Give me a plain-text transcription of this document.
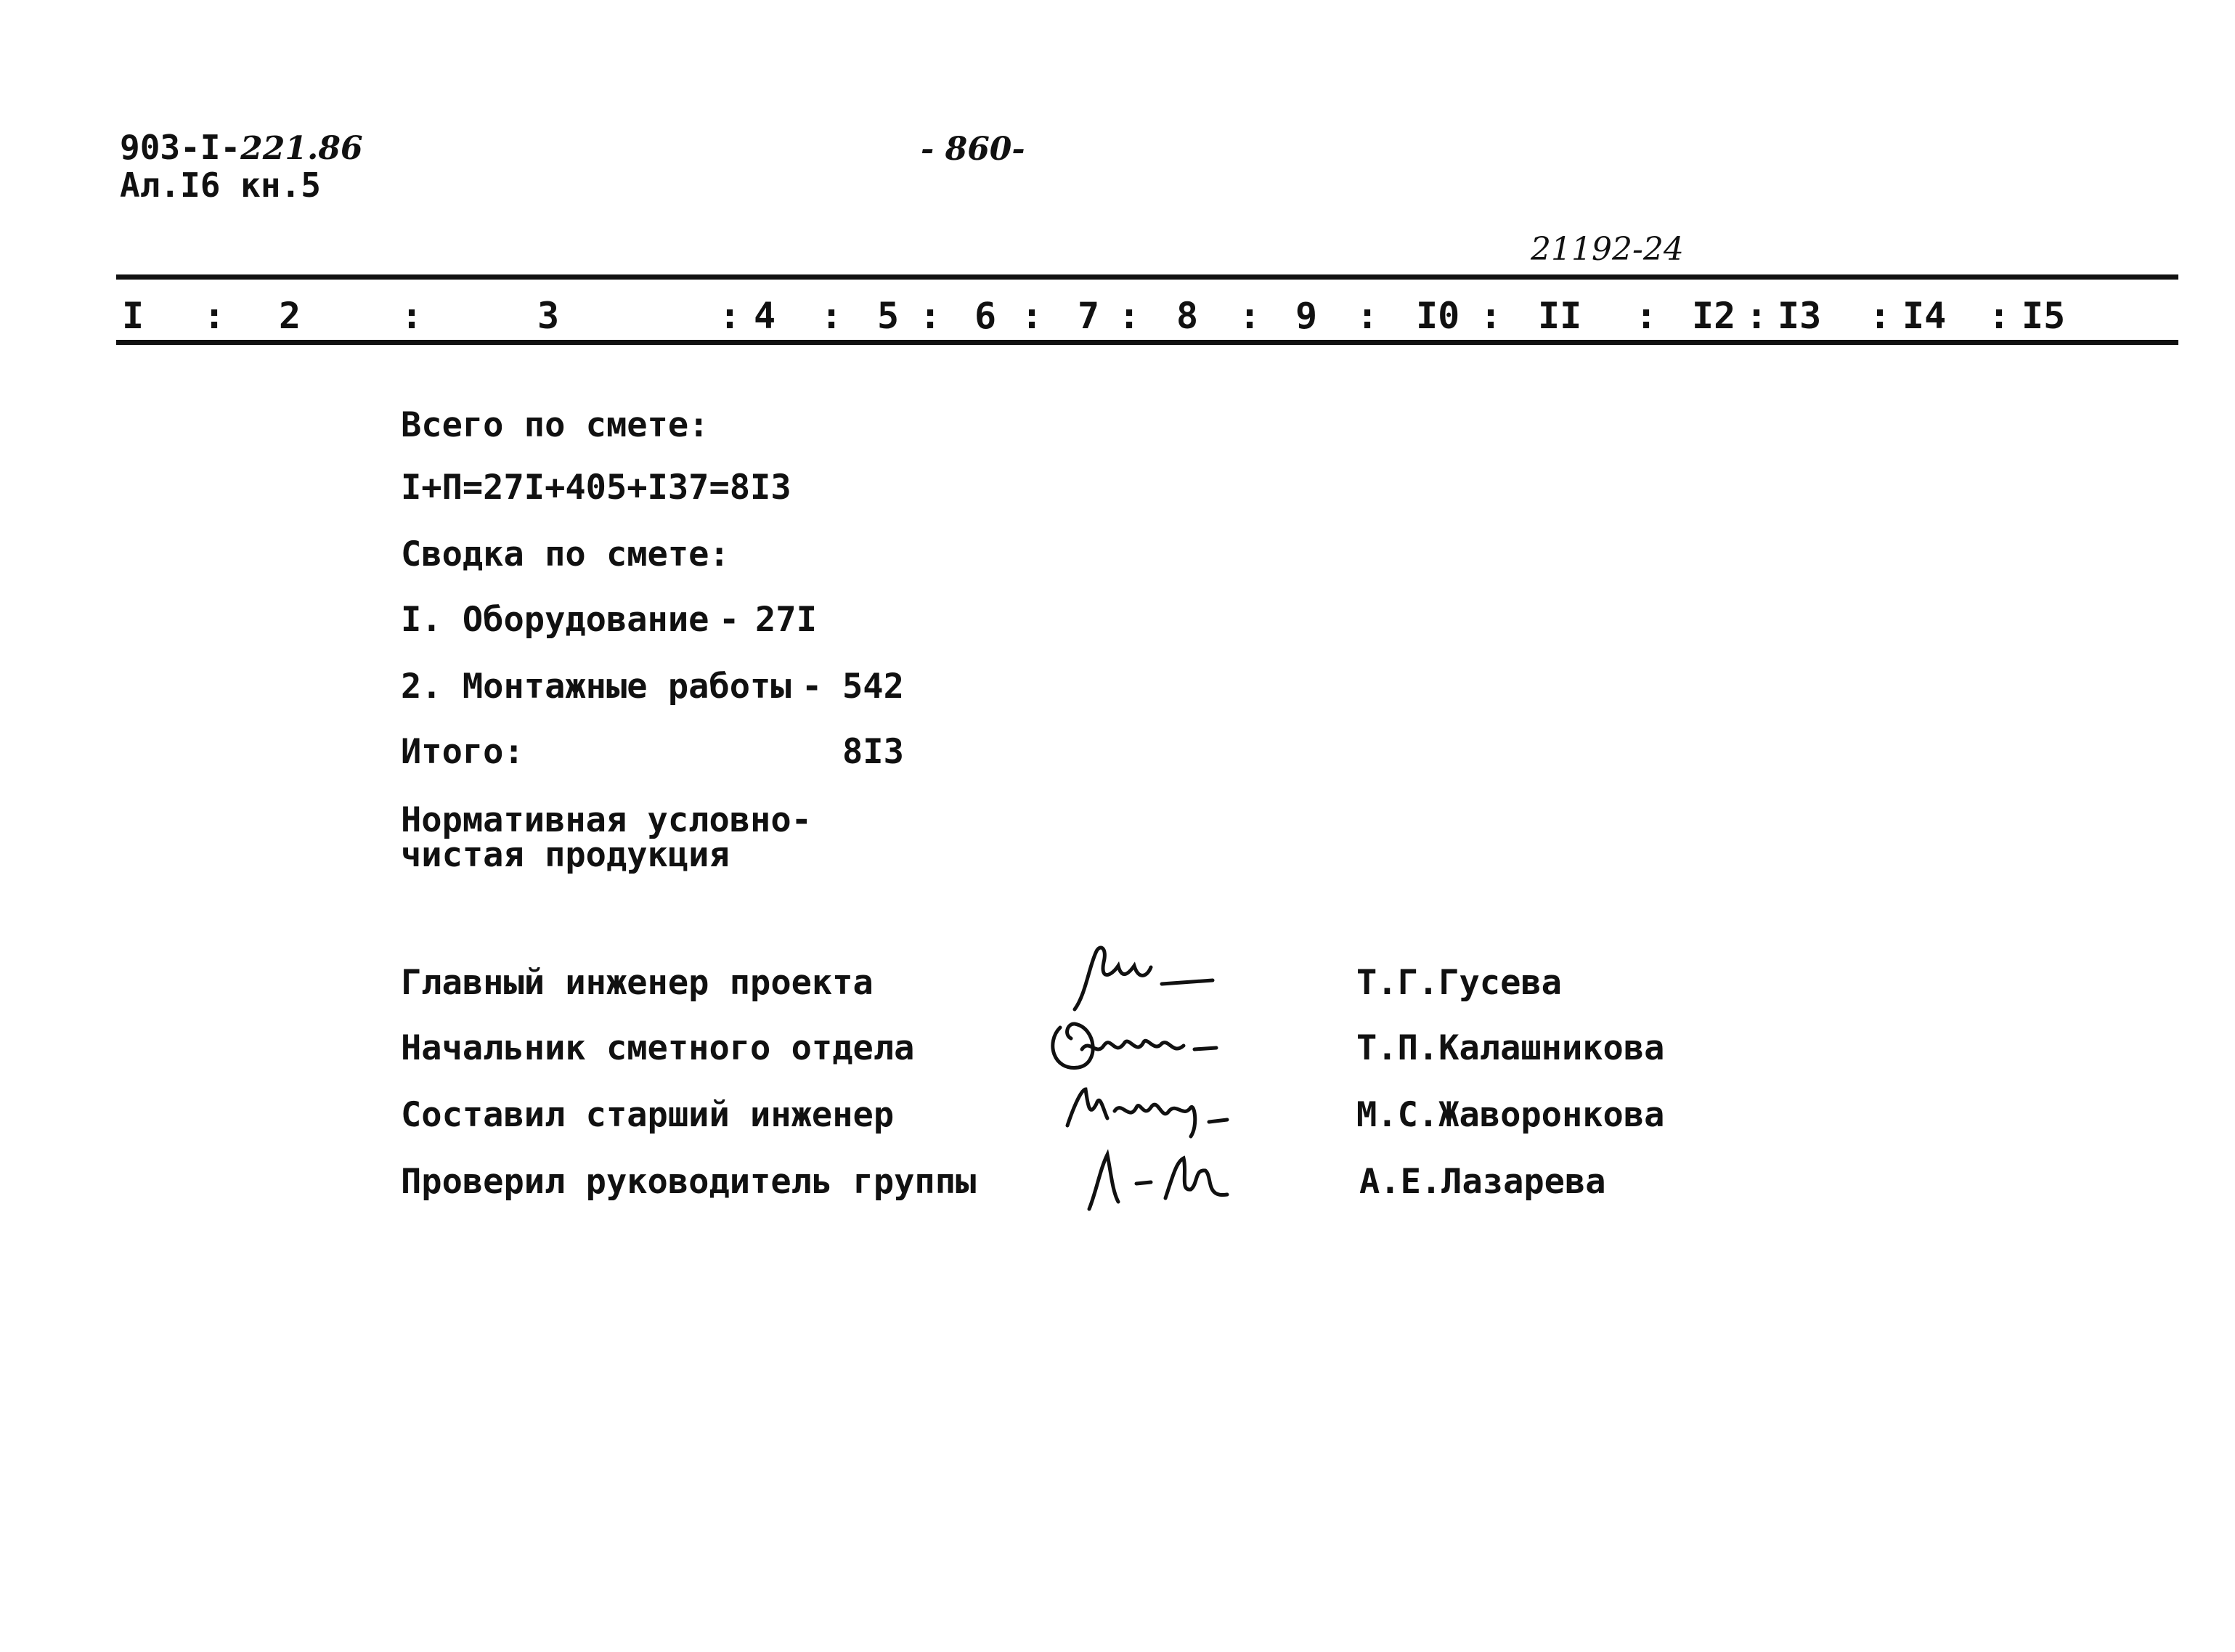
903-I-221.86
Ал.I6 кн.5
- 860-
21192-24
I : 2	:	3	: 4 : 5 : 6 : 7 : 8 : 9 : I0 : II : I2 : I3 : I4 : I5
Всего по смете:
I+П=27I+405+I37=8I3
Сводка по смете:
I. Оборудование - 27I
2. Монтажные работы - 542
Итого:	8I3
Нормативная условно-
чистая продукция
Главный инженер проекта	Т.Г.Гусева
Начальник сметного отдела	Т.П.Калашникова
Составил старший инженер	М.С.Жаворонкова
Проверил руководитель группы	А.Е.Лазарева
